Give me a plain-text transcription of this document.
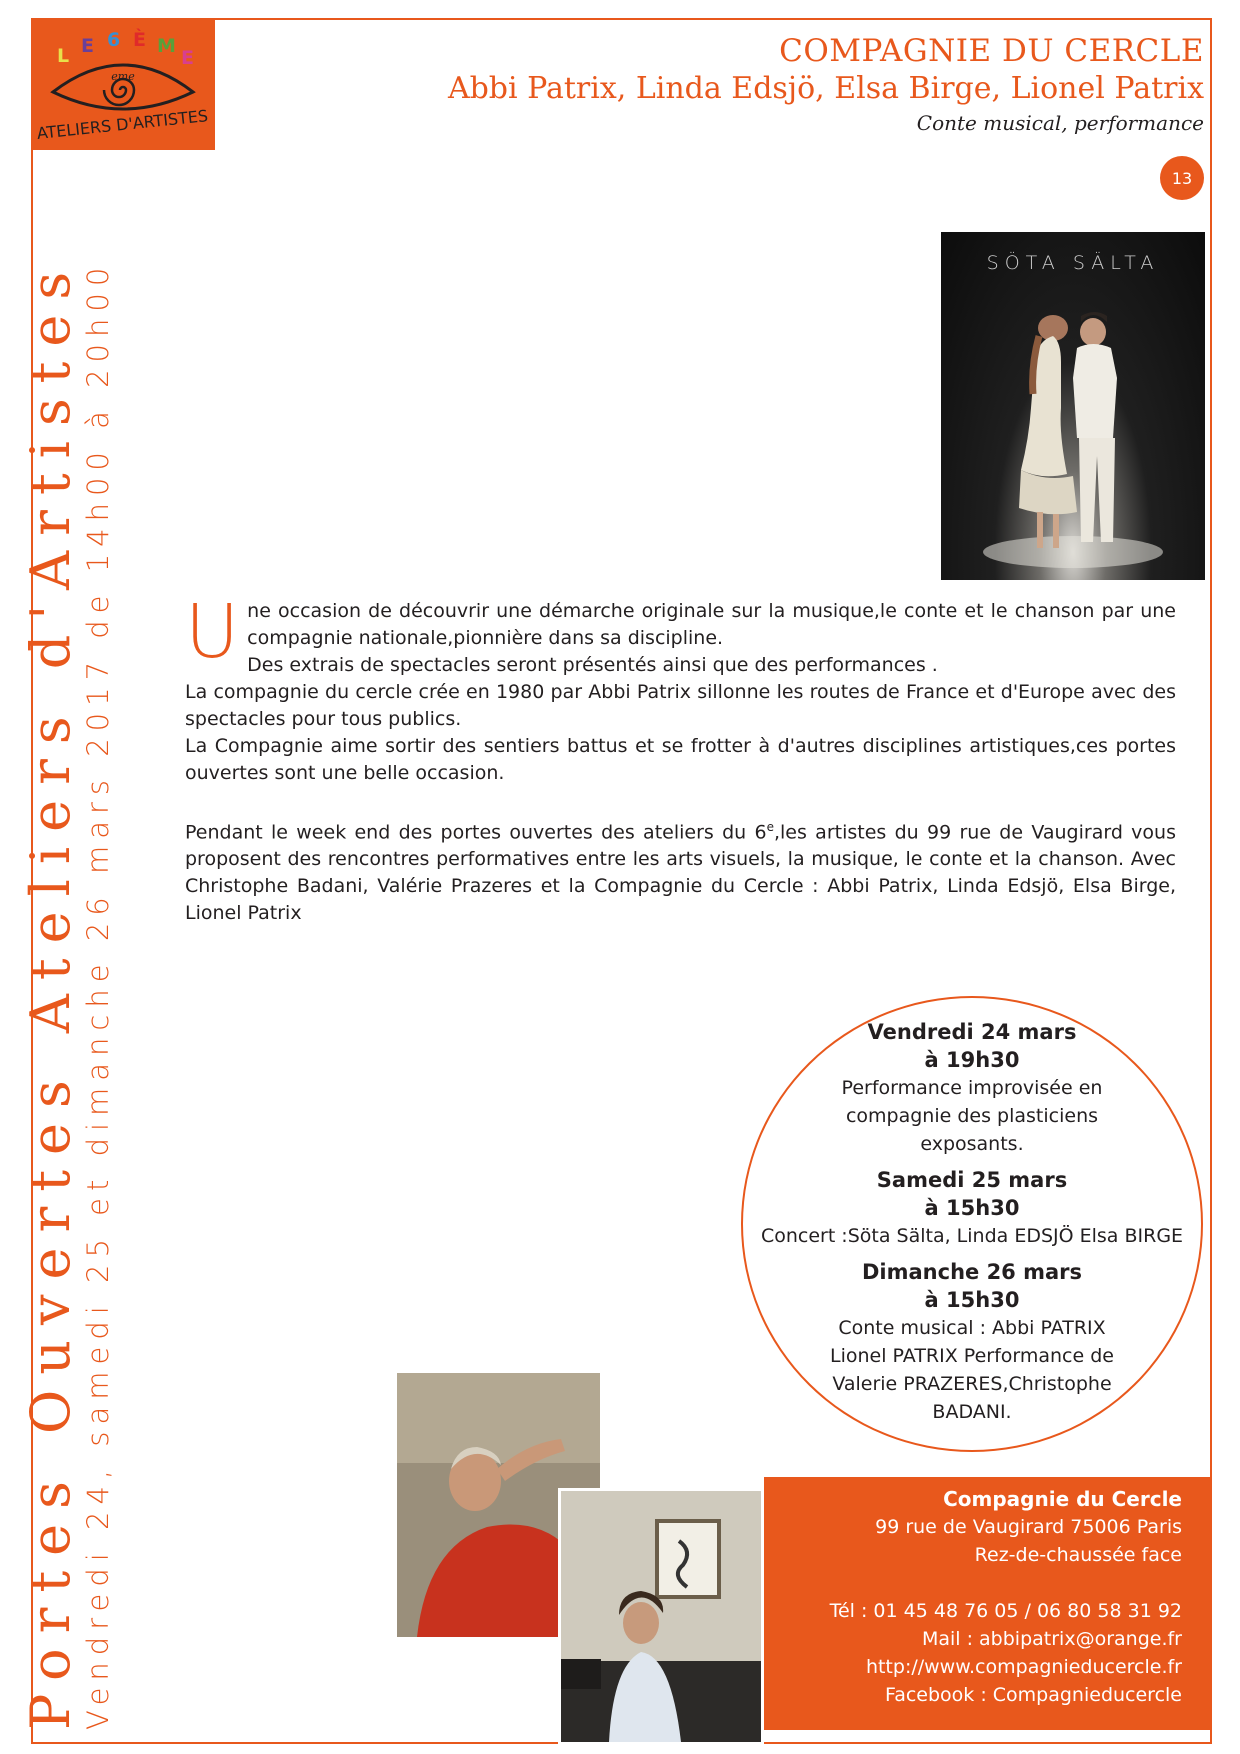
eme
L E 6 È M
E
ATELIERS D'ARTISTES
COMPAGNIE DU CERCLE
Abbi Patrix, Linda Edsjö, Elsa Birge, Lionel Patrix
Conte musical, performance
13
Portes Ouvertes Ateliers d'Artistes Vendredi 24, samedi 25 et dimanche 26 mars 2017 de 14h00 à 20h00	SÖTA SÄLTA
U ne occasion de découvrir une démarche originale sur la musique,le conte et le chanson par une compagnie nationale,pionnière dans sa discipline.

Des extrais de spectacles seront présentés ainsi que des performances .

La compagnie du cercle crée en 1980 par Abbi Patrix sillonne les routes de France et d'Europe avec des spectacles pour tous publics.

La Compagnie aime sortir des sentiers battus et se frotter à d'autres disciplines artistiques,ces portes ouvertes sont une belle occasion.

Pendant le week end des portes ouvertes des ateliers du 6e,les artistes du 99 rue de Vaugirard vous proposent des rencontres performatives entre les arts visuels, la musique, le conte et la chanson. Avec Christophe Badani, Valérie Prazeres et la Compagnie du Cercle : Abbi Patrix, Linda Edsjö, Elsa Birge, Lionel Patrix

Vendredi 24 mars
à 19h30
Performance improvisée en compagnie des plasticiens exposants.
Samedi 25 mars
à 15h30
Concert :Söta Sälta, Linda EDSJÖ Elsa BIRGE
Dimanche 26 mars
à 15h30
Conte musical : Abbi PATRIX Lionel PATRIX Performance de Valerie PRAZERES,Christophe BADANI.
Compagnie du Cercle
99 rue de Vaugirard 75006 Paris
Rez-de-chaussée face
Tél : 01 45 48 76 05 / 06 80 58 31 92
Mail : abbipatrix@orange.fr
http://www.compagnieducercle.fr
Facebook : Compagnieducercle
